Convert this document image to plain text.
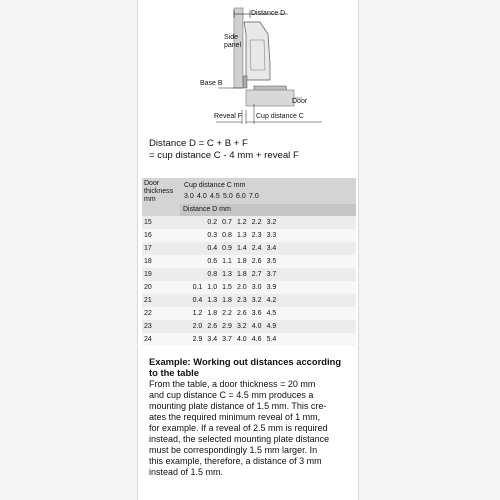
Distance D
Side
panel
Base B
Door
Reveal F Cup distance C
Distance D = C + B + F
= cup distance C - 4 mm + reveal F
Door
thickness
mm
Cup distance C mm
3.0 4.0 4.5 5.0 6.0 7.0
Distance D mm
15			0.2	0.7	1.2	2.2	3.2	
16			0.3	0.8	1.3	2.3	3.3	
17			0.4	0.9	1.4	2.4	3.4	
18			0.6	1.1	1.8	2.6	3.5	
19			0.8	1.3	1.8	2.7	3.7	
20		0.1	1.0	1.5	2.0	3.0	3.9	
21		0.4	1.3	1.8	2.3	3.2	4.2	
22		1.2	1.8	2.2	2.6	3.6	4.5	
23		2.0	2.6	2.9	3.2	4.0	4.9	
24		2.9	3.4	3.7	4.0	4.6	5.4	
Example: Working out distances according
to the table
From the table, a door thickness = 20 mm
and cup distance C = 4.5 mm produces a
mounting plate distance of 1.5 mm. This cre-
ates the required minimum reveal of 1 mm,
for example. If a reveal of 2.5 mm is required
instead, the selected mounting plate distance
must be correspondingly 1.5 mm larger. In
this example, therefore, a distance of 3 mm
instead of 1.5 mm.
